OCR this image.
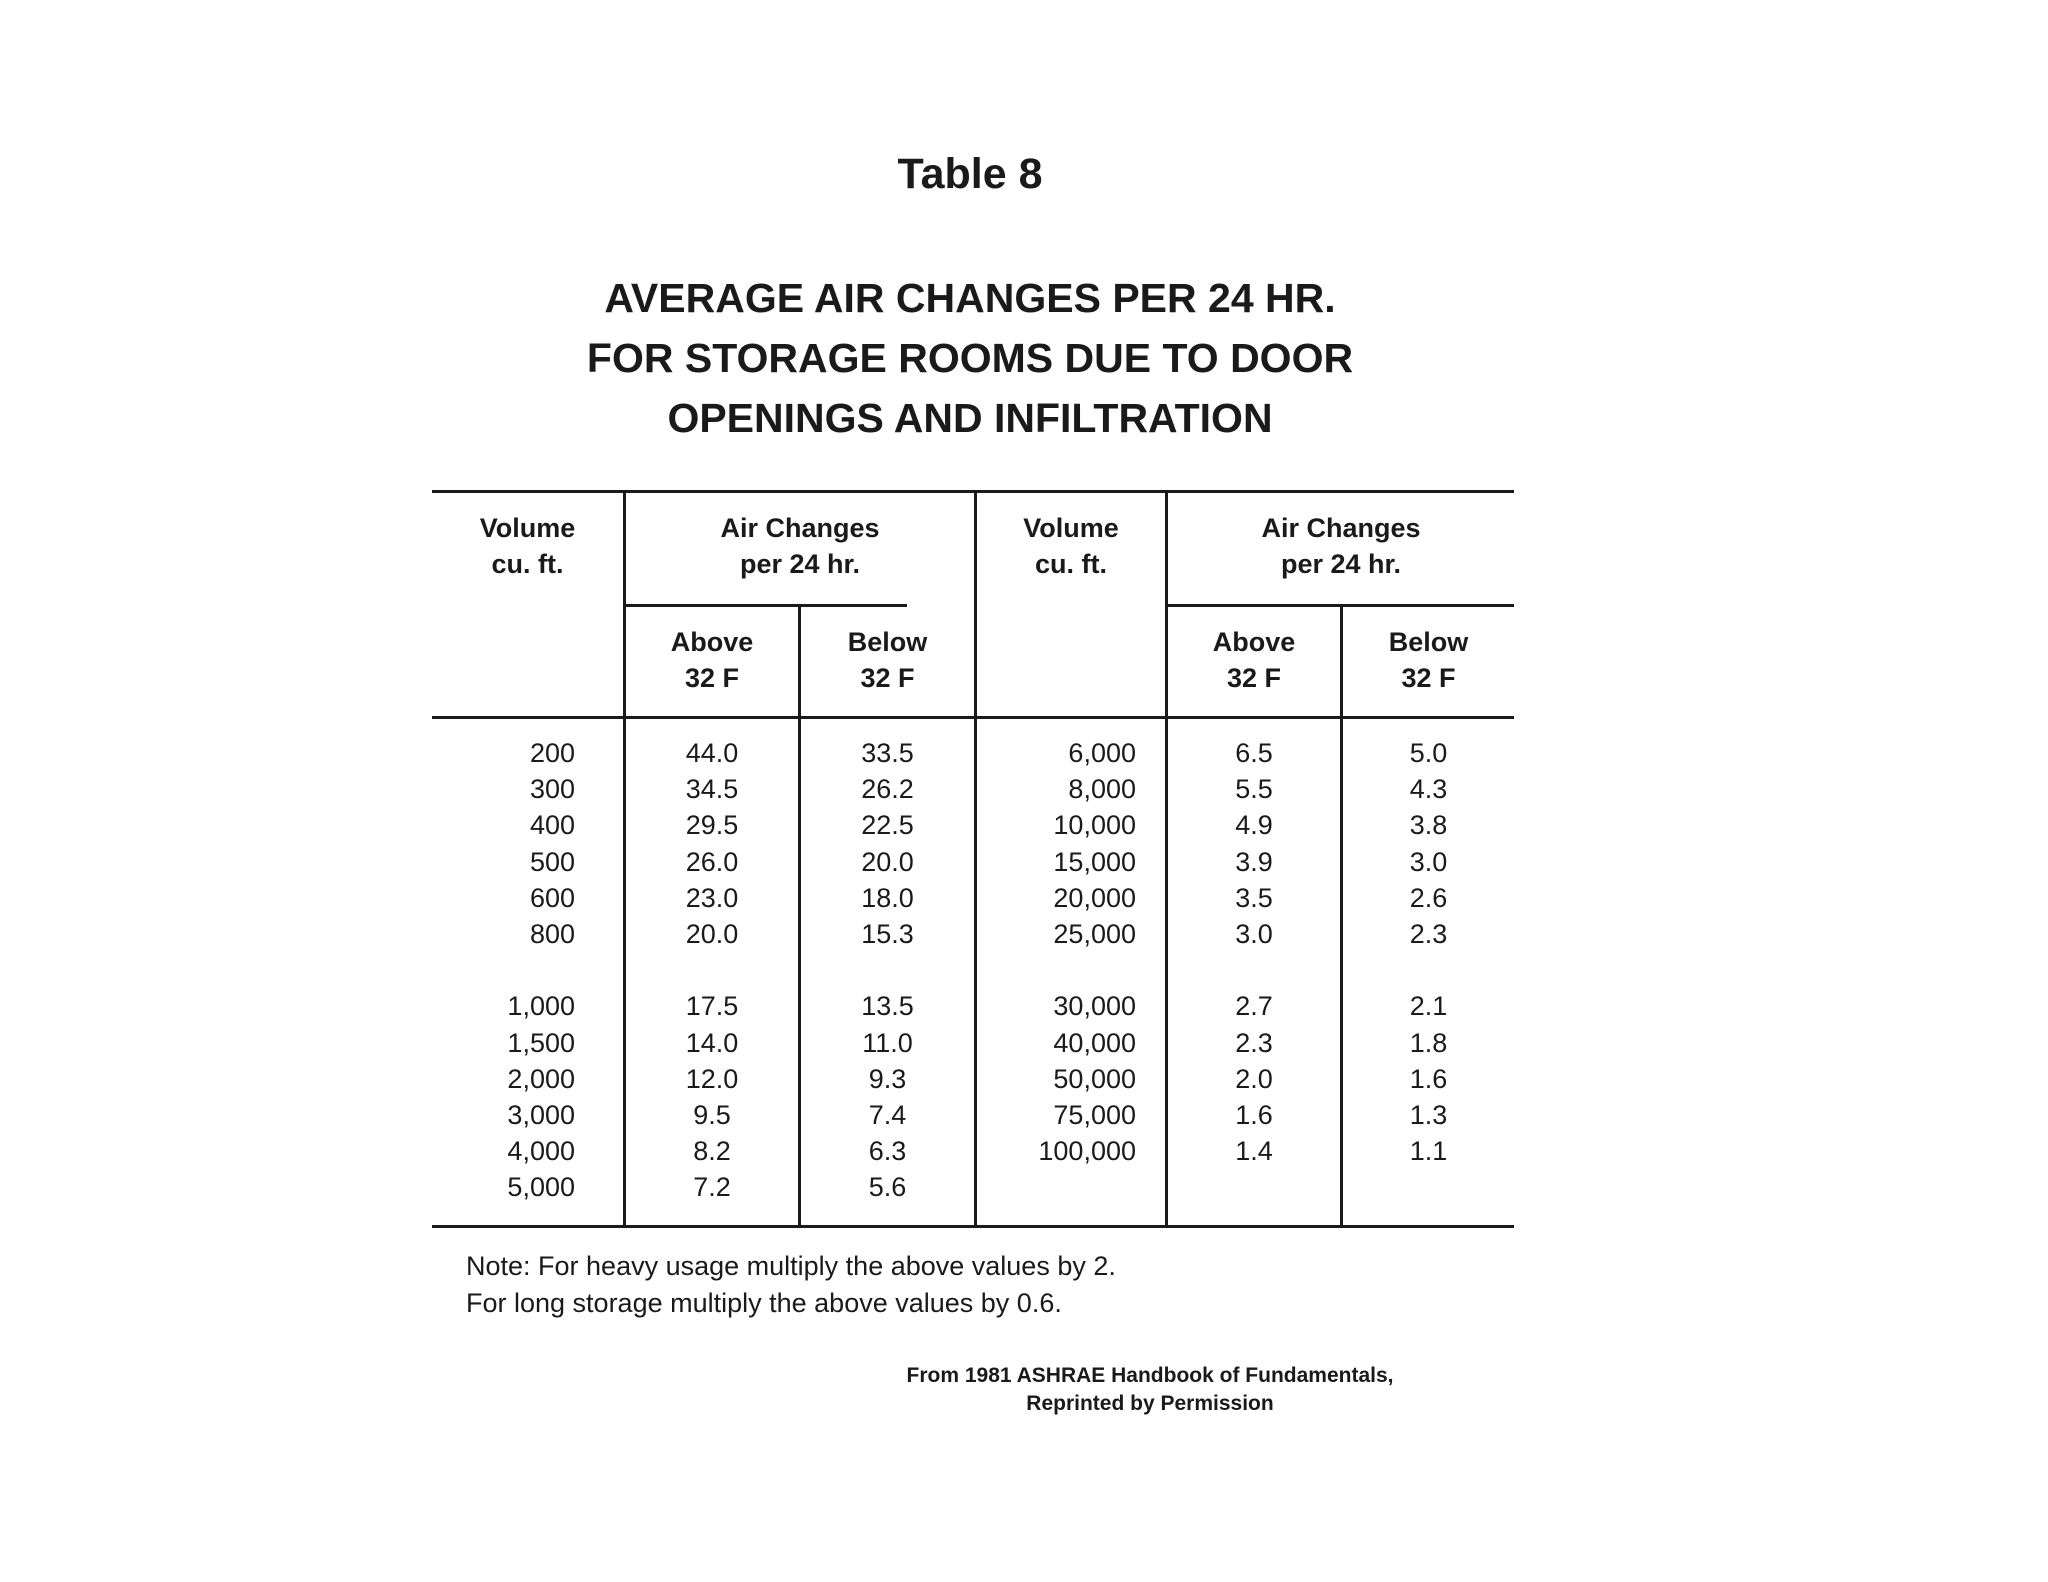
Table 8
AVERAGE AIR CHANGES PER 24 HR.
FOR STORAGE ROOMS DUE TO DOOR
OPENINGS AND INFILTRATION
Volume
cu. ft.
Air Changes
per 24 hr.
Volume
cu. ft.
Air Changes
per 24 hr.
Above
32 F
Below
32 F
Above
32 F
Below
32 F
200
300
400
500
600
800
1,000
1,500
2,000
3,000
4,000
5,000
44.0
34.5
29.5
26.0
23.0
20.0
17.5
14.0
12.0
9.5
8.2
7.2
33.5
26.2
22.5
20.0
18.0
15.3
13.5
11.0
9.3
7.4
6.3
5.6
6,000
8,000
10,000
15,000
20,000
25,000
30,000
40,000
50,000
75,000
100,000
6.5
5.5
4.9
3.9
3.5
3.0
2.7
2.3
2.0
1.6
1.4
5.0
4.3
3.8
3.0
2.6
2.3
2.1
1.8
1.6
1.3
1.1
Note: For heavy usage multiply the above values by 2.
For long storage multiply the above values by 0.6.
From 1981 ASHRAE Handbook of Fundamentals,
Reprinted by Permission
